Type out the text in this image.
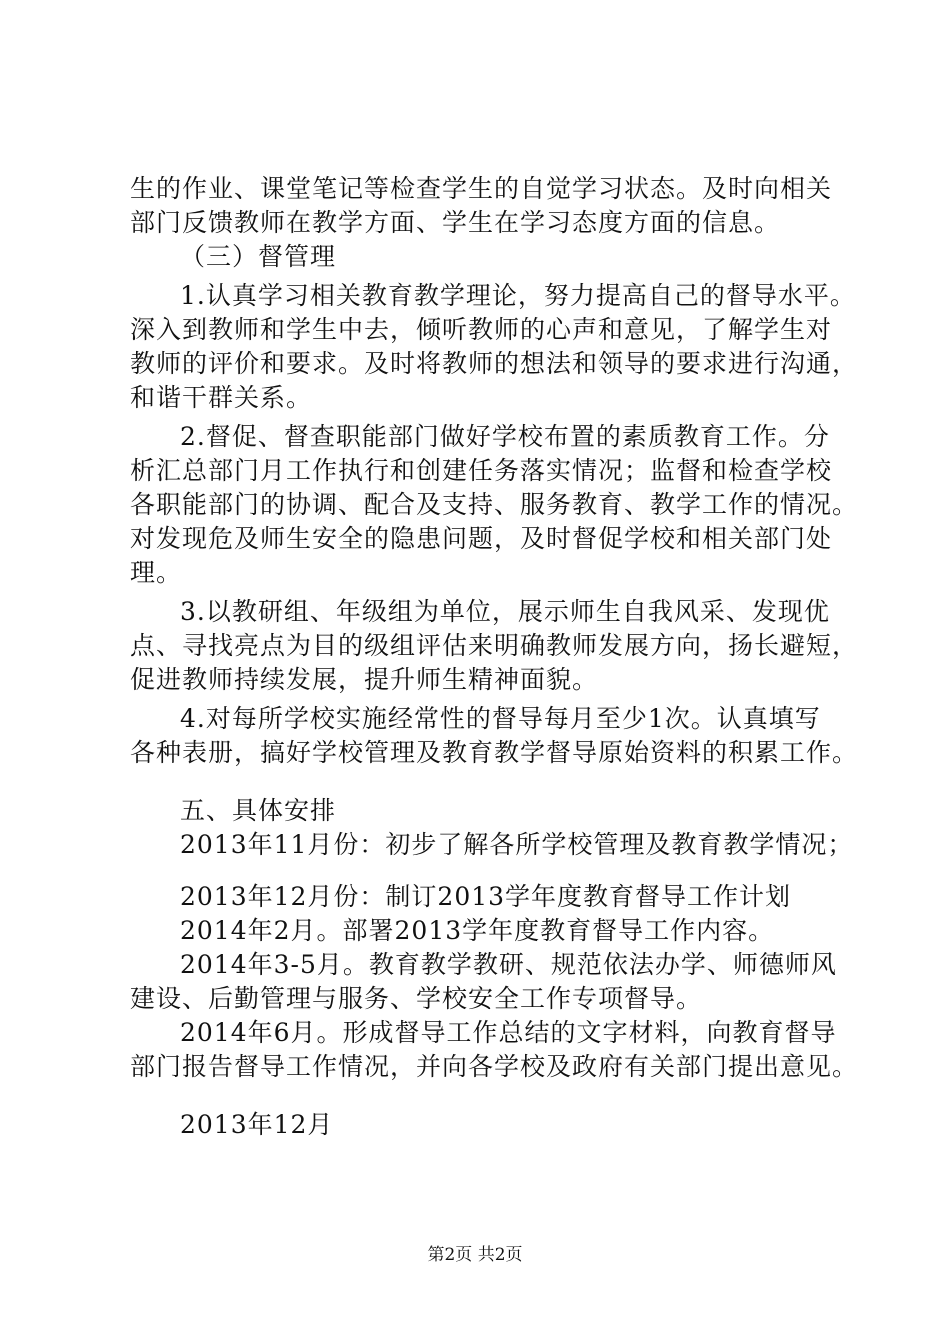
生的作业、课堂笔记等检查学生的自觉学习状态。及时向相关
部门反馈教师在教学方面、学生在学习态度方面的信息。
（三）督管理
1.认真学习相关教育教学理论，努力提高自己的督导水平。
深入到教师和学生中去，倾听教师的心声和意见，了解学生对
教师的评价和要求。及时将教师的想法和领导的要求进行沟通，
和谐干群关系。
2.督促、督查职能部门做好学校布置的素质教育工作。分
析汇总部门月工作执行和创建任务落实情况；监督和检查学校
各职能部门的协调、配合及支持、服务教育、教学工作的情况。
对发现危及师生安全的隐患问题，及时督促学校和相关部门处
理。
3.以教研组、年级组为单位，展示师生自我风采、发现优
点、寻找亮点为目的级组评估来明确教师发展方向，扬长避短，
促进教师持续发展，提升师生精神面貌。
4.对每所学校实施经常性的督导每月至少1次。认真填写
各种表册，搞好学校管理及教育教学督导原始资料的积累工作。
五、具体安排
2013年11月份：初步了解各所学校管理及教育教学情况；
2013年12月份：制订2013学年度教育督导工作计划
2014年2月。部署2013学年度教育督导工作内容。
2014年3-5月。教育教学教研、规范依法办学、师德师风
建设、后勤管理与服务、学校安全工作专项督导。
2014年6月。形成督导工作总结的文字材料，向教育督导
部门报告督导工作情况，并向各学校及政府有关部门提出意见。
2013年12月
第2页 共2页
